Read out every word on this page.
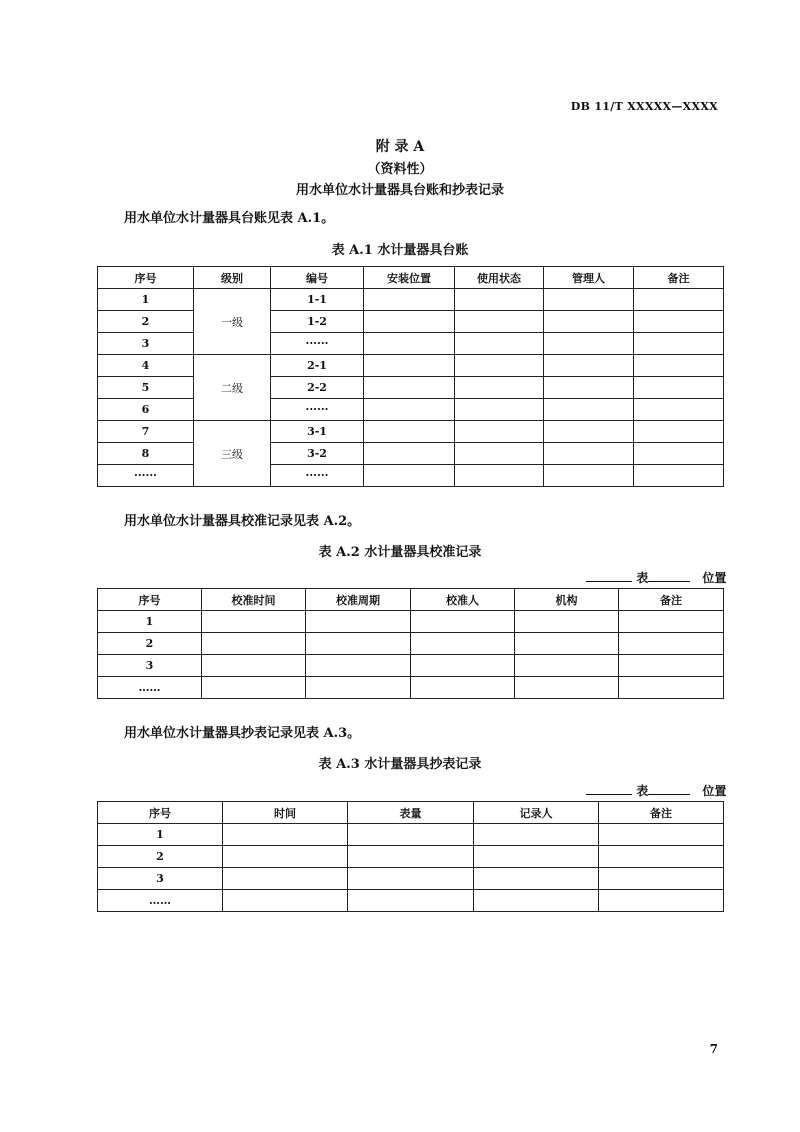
DB 11/T XXXXX—XXXX
附 录 A
（资料性）
用水单位水计量器具台账和抄表记录
用水单位水计量器具台账见表 A.1。
表 A.1 水计量器具台账
序号	级别	编号	安装位置	使用状态	管理人	备注
1	一级	1-1				
2		1-2				
3		······				
4	二级	2-1				
5		2-2				
6		······				
7	三级	3-1				
8		3-2				
······		······				
用水单位水计量器具校准记录见表 A.2。
表 A.2 水计量器具校准记录
表	位置
序号	校准时间	校准周期	校准人	机构	备注
1					
2					
3					
……					
用水单位水计量器具抄表记录见表 A.3。
表 A.3 水计量器具抄表记录
表	位置
序号	时间	表量	记录人	备注
1				
2				
3				
……				
7
